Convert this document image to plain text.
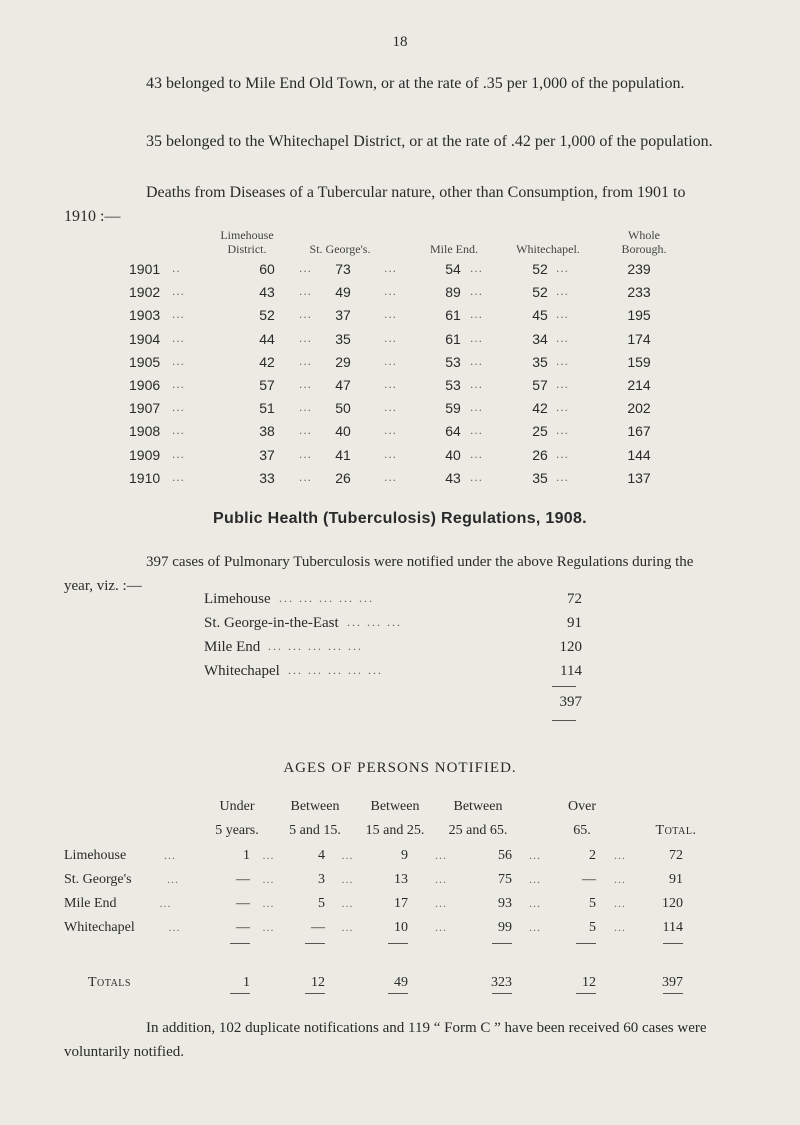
18
43 belonged to Mile End Old Town, or at the rate of .35 per 1,000 of the population.
35 belonged to the Whitechapel District, or at the rate of .42 per 1,000 of the population.
Deaths from Diseases of a Tubercular nature, other than Consumption, from 1901 to 1910 :—
Limehouse
District.	St. George's.	Mile End.	Whitechapel.
Whole
Borough.
1901 ..	60	...	73	...	54 ...	52 ...	239
1902 ...	43	...	49	...	89 ...	52 ...	233
1903 ...	52	...	37	...	61 ...	45 ...	195
1904 ...	44	...	35	...	61 ...	34 ...	174
1905 ...	42	...	29	...	53 ...	35 ...	159
1906 ...	57	...	47	...	53 ...	57 ...	214
1907 ...	51	...	50	...	59 ...	42 ...	202
1908 ...	38	...	40	...	64 ...	25 ...	167
1909 ...	37	...	41	...	40 ...	26 ...	144
1910 ...	33	...	26	...	43 ...	35 ...	137
Public Health (Tuberculosis) Regulations, 1908.
397 cases of Pulmonary Tuberculosis were notified under the above Regulations during the year, viz. :—
Limehouse ... ... ... ... ...	72
St. George-in-the-East ... ... ...	91
Mile End ... ... ... ... ...	120
Whitechapel ... ... ... ... ...	114
397
AGES OF PERSONS NOTIFIED.
Under
5 years.
Between
5 and 15.
Between
15 and 25.
Between
25 and 65.
Over
65.	Total.
Limehouse	1	4	9	56	2	72
...	...	...	...	...	...
St. George's	—	3	13	75	—	91
...	...	...	...	...	...
Mile End	—	5	17	93	5	120
...	...	...	...	...	...
Whitechapel	—	—	10	99	5	114
...	...	...	...	...	...
Totals	1	12	49	323	12	397
In addition, 102 duplicate notifications and 119 “ Form C ” have been received 60 cases were voluntarily notified.
